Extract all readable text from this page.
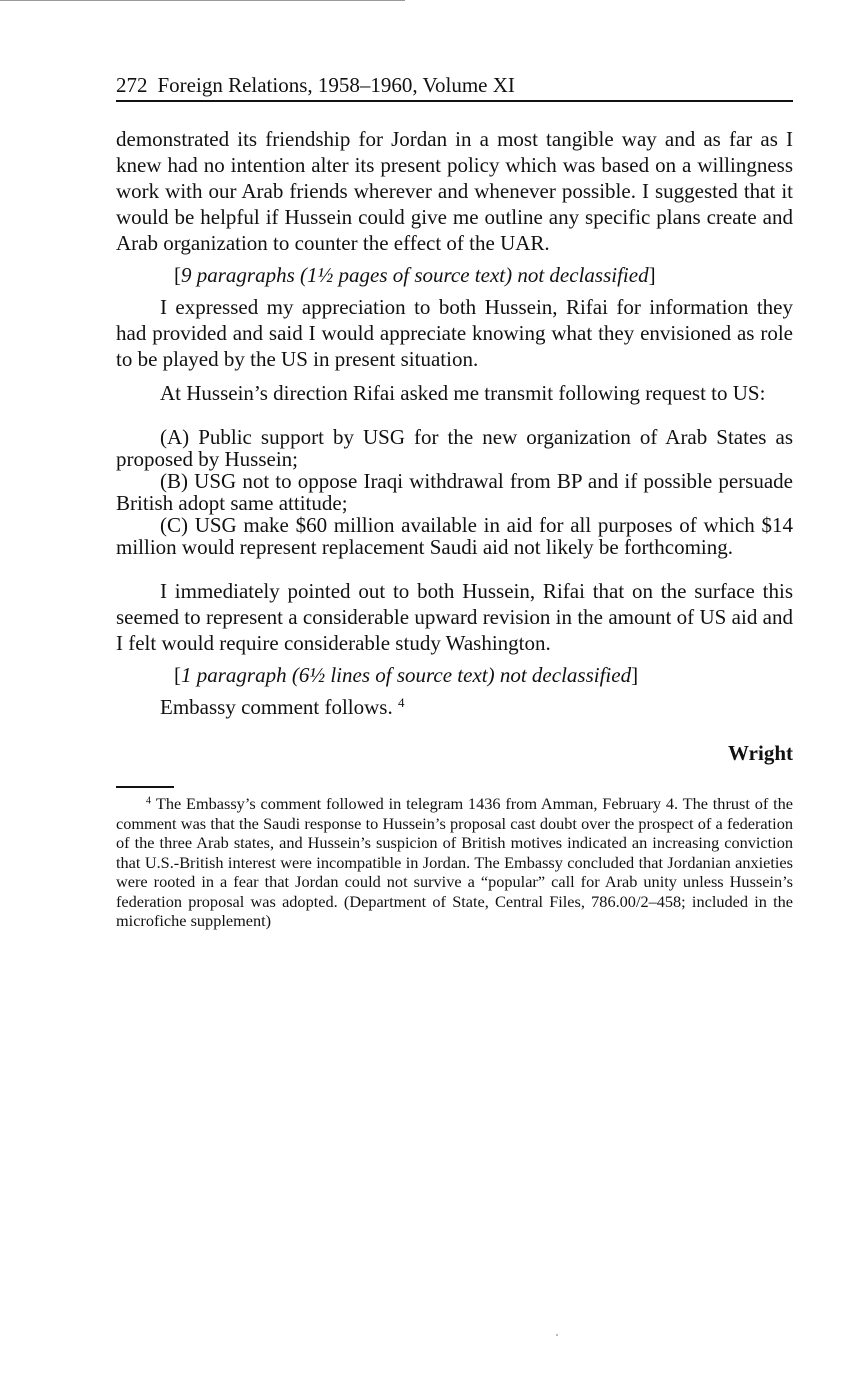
272 Foreign Relations, 1958–1960, Volume XI

demonstrated its friendship for Jordan in a most tangible way and as far as I knew had no intention alter its present policy which was based on a willingness work with our Arab friends wherever and whenever possible. I suggested that it would be helpful if Hussein could give me outline any specific plans create and Arab organization to counter the effect of the UAR.

[9 paragraphs (1½ pages of source text) not declassified]

I expressed my appreciation to both Hussein, Rifai for information they had provided and said I would appreciate knowing what they envisioned as role to be played by the US in present situation.

At Hussein’s direction Rifai asked me transmit following request to US:

(A) Public support by USG for the new organization of Arab States as proposed by Hussein;

(B) USG not to oppose Iraqi withdrawal from BP and if possible persuade British adopt same attitude;

(C) USG make $60 million available in aid for all purposes of which $14 million would represent replacement Saudi aid not likely be forthcoming.

I immediately pointed out to both Hussein, Rifai that on the surface this seemed to represent a considerable upward revision in the amount of US aid and I felt would require considerable study Washington.

[1 paragraph (6½ lines of source text) not declassified]

Embassy comment follows. $^4$

Wright

$^4$ The Embassy’s comment followed in telegram 1436 from Amman, February 4. The thrust of the comment was that the Saudi response to Hussein’s proposal cast doubt over the prospect of a federation of the three Arab states, and Hussein’s suspicion of British motives indicated an increasing conviction that U.S.-British interest were incompatible in Jordan. The Embassy concluded that Jordanian anxieties were rooted in a fear that Jordan could not survive a “popular” call for Arab unity unless Hussein’s federation proposal was adopted. (Department of State, Central Files, 786.00/2–458; included in the microfiche supplement)
